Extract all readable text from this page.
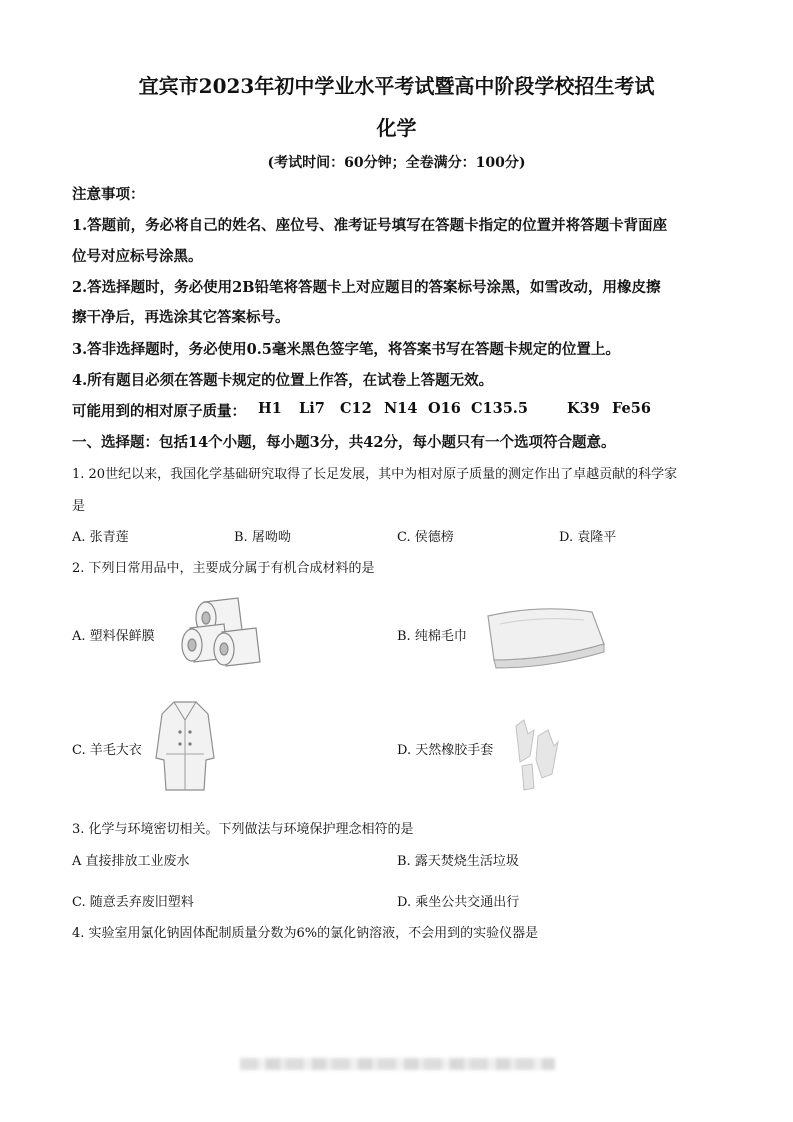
宜宾市2023年初中学业水平考试暨高中阶段学校招生考试
化学
(考试时间：60分钟；全卷满分：100分)
注意事项：
1.答题前，务必将自己的姓名、座位号、准考证号填写在答题卡指定的位置并将答题卡背面座
位号对应标号涂黑。
2.答选择题时，务必使用2B铅笔将答题卡上对应题目的答案标号涂黑，如雪改动，用橡皮擦
擦干净后，再选涂其它答案标号。
3.答非选择题时，务必使用0.5毫米黑色签字笔，将答案书写在答题卡规定的位置上。
4.所有题目必须在答题卡规定的位置上作答，在试卷上答题无效。
可能用到的相对原子质量： H1 Li7 C12 N14 O16 C135.5	K39 Fe56
一、选择题：包括14个小题，每小题3分，共42分，每小题只有一个选项符合题意。
1. 20世纪以来，我国化学基础研究取得了长足发展，其中为相对原子质量的测定作出了卓越贡献的科学家
是
A. 张青莲	B. 屠呦呦	C. 侯德榜	D. 袁隆平
2. 下列日常用品中，主要成分属于有机合成材料的是
A. 塑料保鲜膜	B. 纯棉毛巾
C. 羊毛大衣	D. 天然橡胶手套
3. 化学与环境密切相关。下列做法与环境保护理念相符的是
A 直接排放工业废水	B. 露天焚烧生活垃圾
C. 随意丢弃废旧塑料	D. 乘坐公共交通出行
4. 实验室用氯化钠固体配制质量分数为6%的氯化钠溶液，不会用到的实验仪器是
